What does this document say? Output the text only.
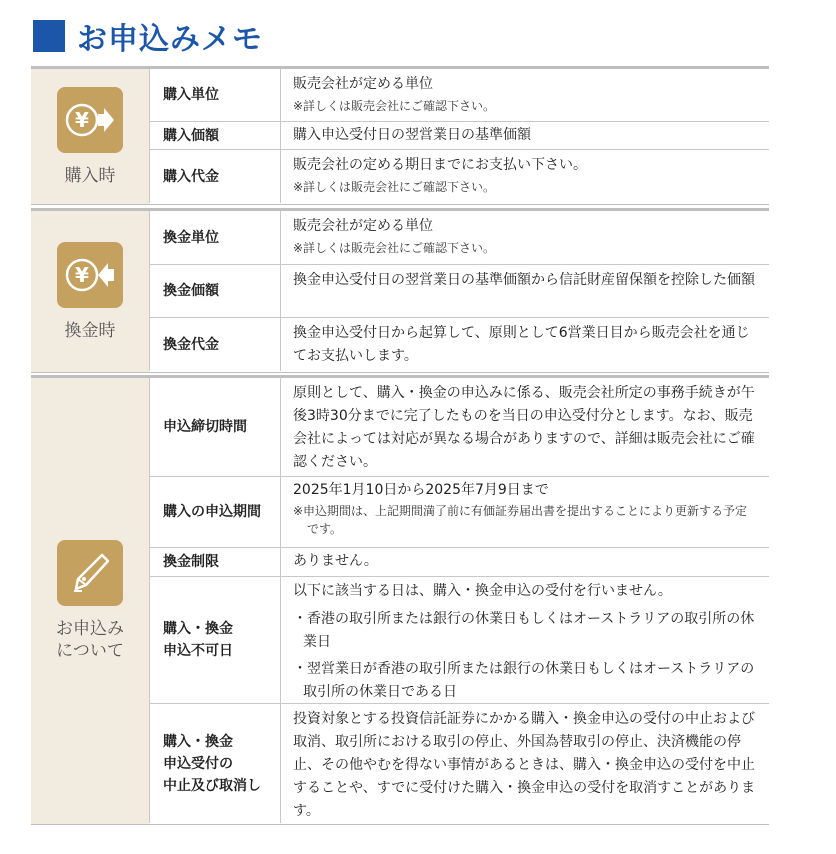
お申込みメモ
¥
購入時
購入単位

販売会社が定める単位

※詳しくは販売会社にご確認下さい。

購入価額	購入申込受付日の翌営業日の基準価額

購入代金

販売会社の定める期日までにお支払い下さい。

※詳しくは販売会社にご確認下さい。

¥
換金時
換金単位

販売会社が定める単位

※詳しくは販売会社にご確認下さい。

換金価額

換金申込受付日の翌営業日の基準価額から信託財産留保額を控除した価額

換金代金

換金申込受付日から起算して、原則として6営業日目から販売会社を通じてお支払いします。

お申込み
について
申込締切時間

原則として、購入・換金の申込みに係る、販売会社所定の事務手続きが午後3時30分までに完了したものを当日の申込受付分とします。なお、販売会社によっては対応が異なる場合がありますので、詳細は販売会社にご確認ください。

購入の申込期間

2025年1月10日から2025年7月9日まで

※申込期間は、上記期間満了前に有価証券届出書を提出することにより更新する予定です。

換金制限	ありません。

購入・換金
申込不可日

以下に該当する日は、購入・換金申込の受付を行いません。

・香港の取引所または銀行の休業日もしくはオーストラリアの取引所の休業日

・翌営業日が香港の取引所または銀行の休業日もしくはオーストラリアの取引所の休業日である日

購入・換金
申込受付の
中止及び取消し

投資対象とする投資信託証券にかかる購入・換金申込の受付の中止および取消、取引所における取引の停止、外国為替取引の停止、決済機能の停止、その他やむを得ない事情があるときは、購入・換金申込の受付を中止することや、すでに受付けた購入・換金申込の受付を取消すことがあります。
